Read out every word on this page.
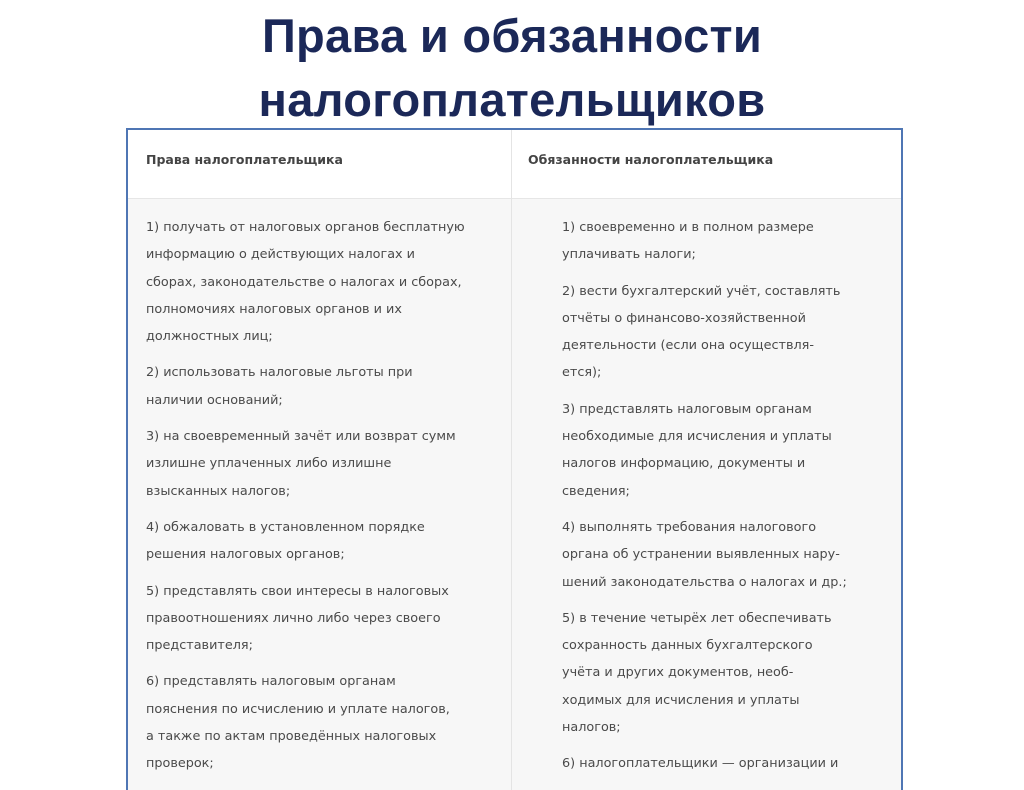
Права и обязанности
налогоплательщиков
Права налогоплательщика	Обязанности налогоплательщика
1) получать от налоговых органов бесплатную
информацию о действующих налогах и
сборах, законодательстве о налогах и сборах,
полномочиях налоговых органов и их
должностных лиц;
2) использовать налоговые льготы при
наличии оснований;
3) на своевременный зачёт или возврат сумм
излишне уплаченных либо излишне
взысканных налогов;
4) обжаловать в установленном порядке
решения налоговых органов;
5) представлять свои интересы в налоговых
правоотношениях лично либо через своего
представителя;
6) представлять налоговым органам
пояснения по исчислению и уплате налогов,
а также по актам проведённых налоговых
проверок;
1) своевременно и в полном размере
уплачивать налоги;
2) вести бухгалтерский учёт, составлять
отчёты о финансово-хозяйственной
деятельности (если она осуществля-
ется);
3) представлять налоговым органам
необходимые для исчисления и уплаты
налогов информацию, документы и
сведения;
4) выполнять требования налогового
органа об устранении выявленных нару-
шений законодательства о налогах и др.;
5) в течение четырёх лет обеспечивать
сохранность данных бухгалтерского
учёта и других документов, необ-
ходимых для исчисления и уплаты
налогов;
6) налогоплательщики — организации и
